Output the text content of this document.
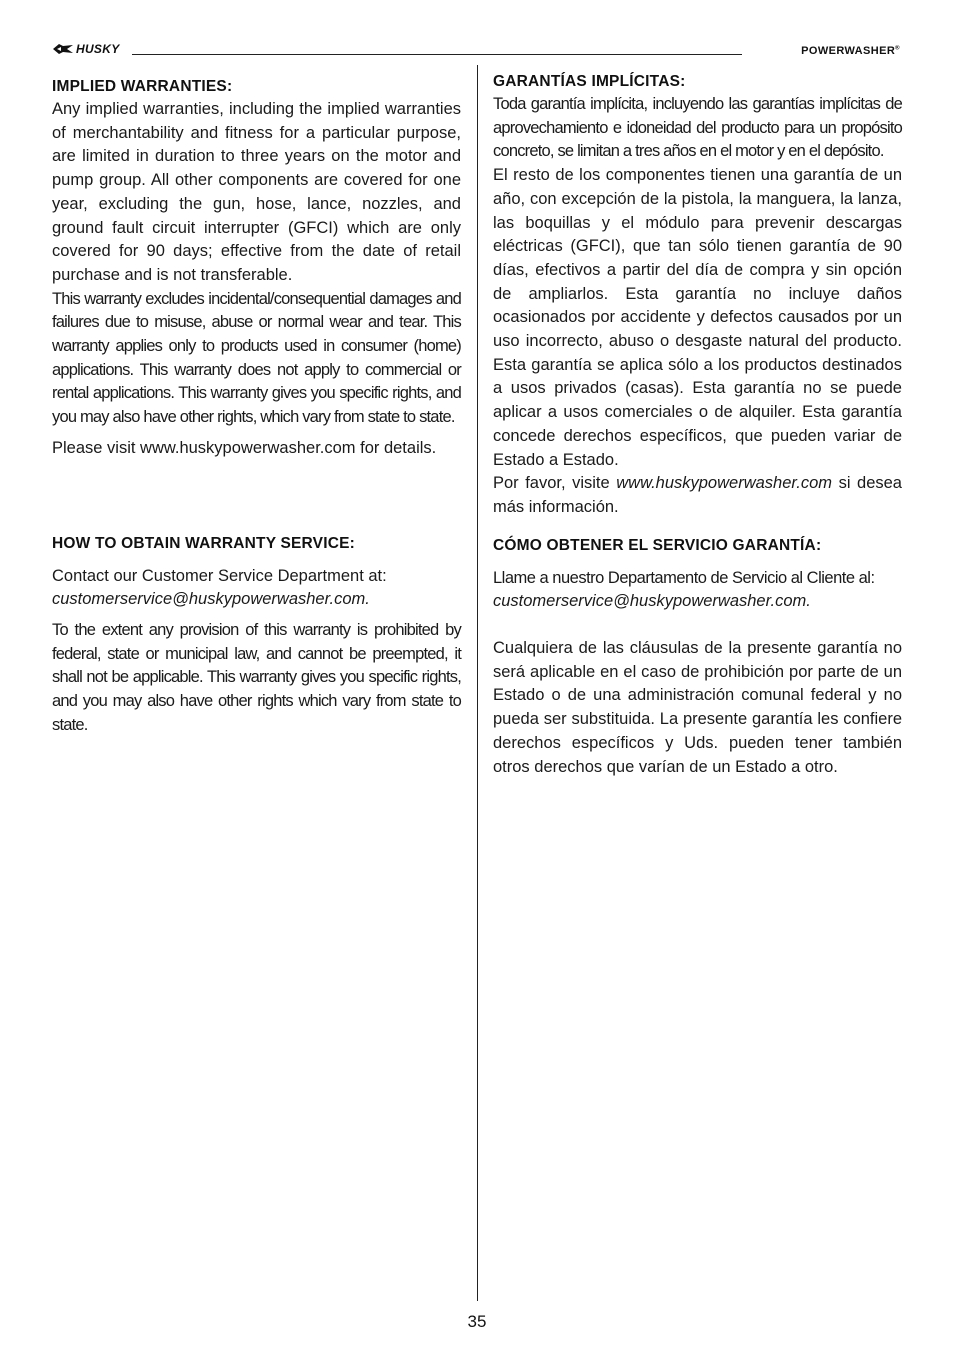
HUSKY	POWERWASHER®
IMPLIED WARRANTIES:

Any implied warranties, including the implied warranties of merchantability and fitness for a particular purpose, are limited in duration to three years on the motor and pump group. All other components are covered for one year, excluding the gun, hose, lance, nozzles, and ground fault circuit interrupter (GFCI) which are only covered for 90 days; effective from the date of retail purchase and is not transferable.

This warranty excludes incidental/consequential damages and failures due to misuse, abuse or normal wear and tear. This warranty applies only to products used in consumer (home) applications. This warranty does not apply to commercial or rental applications. This warranty gives you specific rights, and you may also have other rights, which vary from state to state.

Please visit www.huskypowerwasher.com for details.

HOW TO OBTAIN WARRANTY SERVICE:

Contact our Customer Service Department at:

customerservice@huskypowerwasher.com.

To the extent any provision of this warranty is prohibited by federal, state or municipal law, and cannot be preempted, it shall not be applicable. This warranty gives you specific rights, and you may also have other rights which vary from state to state.

GARANTÍAS IMPLÍCITAS:

Toda garantía implícita, incluyendo las garantías implícitas de aprovechamiento e idoneidad del producto para un propósito concreto, se limitan a tres años en el motor y en el depósito.

El resto de los componentes tienen una garantía de un año, con excepción de la pistola, la manguera, la lanza, las boquillas y el módulo para prevenir descargas eléctricas (GFCI), que tan sólo tienen garantía de 90 días, efectivos a partir del día de compra y sin opción de ampliarlos. Esta garantía no incluye daños ocasionados por accidente y defectos causados por un uso incorrecto, abuso o desgaste natural del producto. Esta garantía se aplica sólo a los productos destinados a usos privados (casas). Esta garantía no se puede aplicar a usos comerciales o de alquiler. Esta garantía concede derechos específicos, que pueden variar de Estado a Estado.

Por favor, visite www.huskypowerwasher.com si desea más información.

CÓMO OBTENER EL SERVICIO GARANTÍA:

Llame a nuestro Departamento de Servicio al Cliente al:

customerservice@huskypowerwasher.com.

Cualquiera de las cláusulas de la presente garantía no será aplicable en el caso de prohibición por parte de un Estado o de una administración comunal federal y no pueda ser substituida. La presente garantía les confiere derechos específicos y Uds. pueden tener también otros derechos que varían de un Estado a otro.

35
